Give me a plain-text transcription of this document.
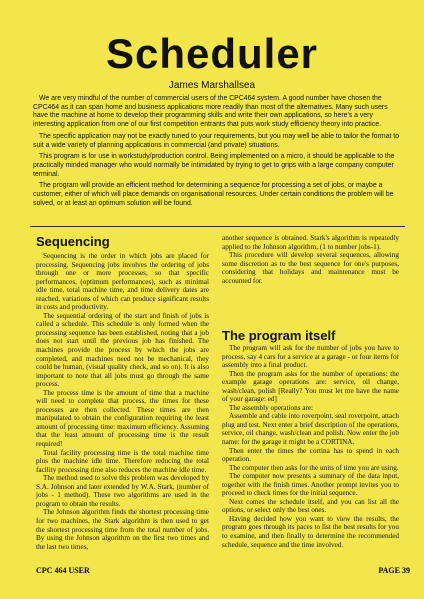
Scheduler
James Marshallsea

We are very mindful of the number of commercial users of the CPC464 system. A good number have chosen the CPC464 as it can span home and business applications more readily than most of the alternatives. Many such users have the machine at home to develop their programming skills and write their own applications, so here's a very interesting application from one of our first competition entrants that puts work study efficiency theory into practice.

The specific application may not be exactly tuned to your requirements, but you may well be able to tailor the format to suit a wide variety of planning applications in commercial (and private) situations.

This program is for use in workstudy/production control. Being implemented on a micro, it should be applicable to the practically minded manager who would normally be intimidated by trying to get to grips with a large company computer terminal.

The program will provide an efficient method for determining a sequence for processing a set of jobs, or maybe a customer, either of which will place demands on organisational resources. Under certain conditions the problem will be solved, or at least an optimum solution will be found.

Sequencing

Sequencing is the order in which jobs are placed for processing. Sequencing jobs involves the ordering of jobs through one or more processes, so that specific performances, (optimum performances), such as minimal idle time, total machine time, and time delivery dates are reached, variations of which can produce significant results in costs and productivity.

The sequential ordering of the start and finish of jobs is called a schedule. This schedule is only formed when the processing sequence has been established, noting that a job does not start until the previous job has finished. The machines provide the process by which the jobs are completed, and machines need not be mechanical, they could be human, (visual quality check, and so on). It is also important to note that all jobs must go through the same process.

The process time is the amount of time that a machine will need to complete that process, the times for these processes are then collected. These times are then manipulated to obtain the configuration requiring the least amount of processing time: maximum efficiency. Assuming that the least amount of processing time is the result required!

Total facility processing time is the total machine time plus the machine idle time. Therefore reducing the total facility processing time also reduces the machine idle time.

The method used to solve this problem was developed by S.A. Johnson and later extended by W.A. Stark, (number of jobs - 1 method). These two algorithms are used in the program to obtain the results.

The Johnson algorithm finds the shortest processing time for two machines, the Stark algorithm is then used to get the shortest processing time from the total number of jobs. By using the Johnson algorithm on the first two times and the last two times,

another sequence is obtained. Stark's algorithm is repeatedly applied to the Johnson algorithm, (1 to number jobs-1).

This procedure will develop several sequences, allowing some discretion as to the best sequence for one's purposes, considering that holidays and maintenance must be accounted for.

The program itself

The program will ask for the number of jobs you have to process, say 4 cars for a service at a garage - or four items for assembly into a final product.

Then the program asks for the number of operations: the example garage operations are: service, oil change, wash/clean, polish [Really? You must let me have the name of your garage: ed]

The assembly operations are:

Assemble and cable into roverpoint, seal roverpoint, attach plug and test. Next enter a brief description of the operations, service, oil change, wash/clean and polish. Now enter the job name: for the garage it might be a CORTINA.

Then enter the times the cortina has to spend in each operation.

The computer then asks for the units of time you are using.

The computer now presents a summary of the data input, together with the finish times. Another prompt invites you to proceed to check times for the initial sequence.

Next comes the schedule itself, and you can list all the options, or select only the best ones.

Having decided how you want to view the results, the program goes through its paces to list the best results for you to examine, and then finally to determine the recommended schedule, sequence and the time involved.

CPC 464 USER	PAGE 39
